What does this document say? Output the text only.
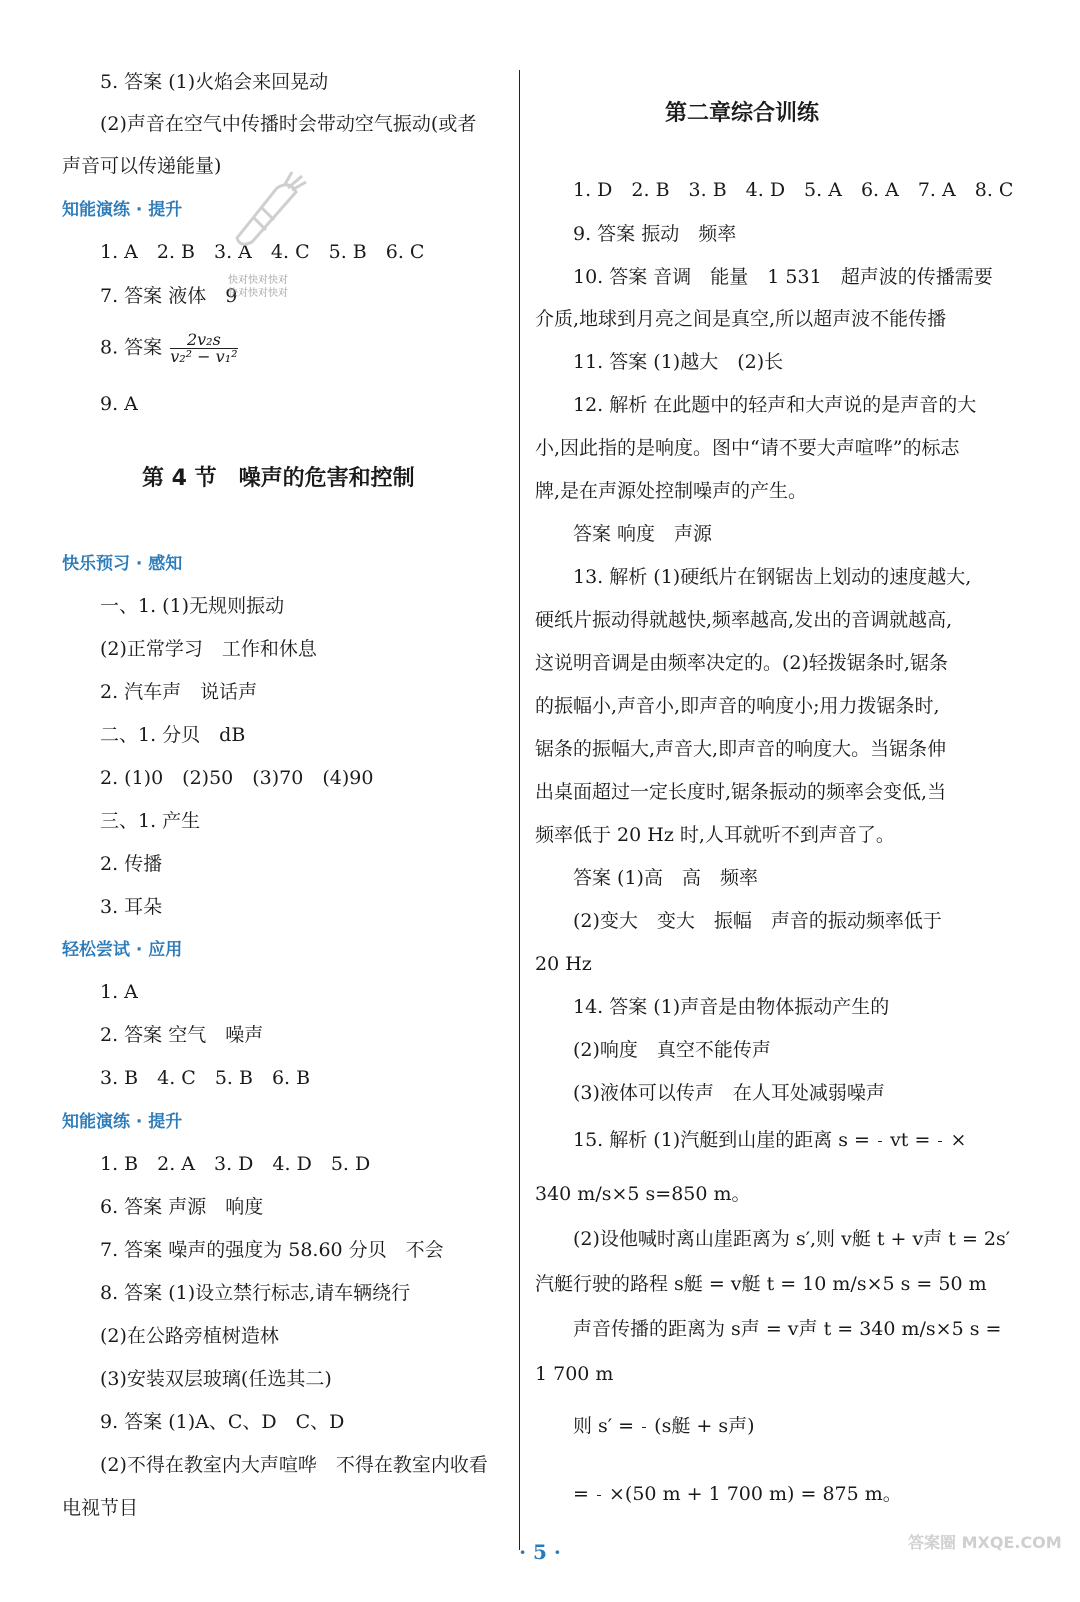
5. 答案 (1)火焰会来回晃动
(2)声音在空气中传播时会带动空气振动(或者
声音可以传递能量)
知能演练 · 提升
1. A　2. B　3. A　4. C　5. B　6. C
7. 答案 液体　9
8. 答案 $\frac{\text{2v₂s}}{\text{v₂² − v₁²}}$
9. A
第 4 节　噪声的危害和控制
快乐预习 · 感知
一、1. (1)无规则振动
(2)正常学习　工作和休息
2. 汽车声　说话声
二、1. 分贝　dB
2. (1)0　(2)50　(3)70　(4)90
三、1. 产生
2. 传播
3. 耳朵
轻松尝试 · 应用
1. A
2. 答案 空气　噪声
3. B　4. C　5. B　6. B
知能演练 · 提升
1. B　2. A　3. D　4. D　5. D
6. 答案 声源　响度
7. 答案 噪声的强度为 58.60 分贝　不会
8. 答案 (1)设立禁行标志,请车辆绕行
(2)在公路旁植树造林
(3)安装双层玻璃(任选其二)
9. 答案 (1)A、C、D　C、D
(2)不得在教室内大声喧哗　不得在教室内收看
电视节目
快对快对快对
快对快对快对
第二章综合训练
1. D　2. B　3. B　4. D　5. A　6. A　7. A　8. C
9. 答案 振动　频率
10. 答案 音调　能量　1 531　超声波的传播需要
介质,地球到月亮之间是真空,所以超声波不能传播
11. 答案 (1)越大　(2)长
12. 解析 在此题中的轻声和大声说的是声音的大
小,因此指的是响度。图中“请不要大声喧哗”的标志
牌,是在声源处控制噪声的产生。
答案 响度　声源
13. 解析 (1)硬纸片在钢锯齿上划动的速度越大,
硬纸片振动得就越快,频率越高,发出的音调就越高,
这说明音调是由频率决定的。(2)轻拨锯条时,锯条
的振幅小,声音小,即声音的响度小;用力拨锯条时,
锯条的振幅大,声音大,即声音的响度大。当锯条伸
出桌面超过一定长度时,锯条振动的频率会变低,当
频率低于 20 Hz 时,人耳就听不到声音了。
答案 (1)高　高　频率
(2)变大　变大　振幅　声音的振动频率低于
20 Hz
14. 答案 (1)声音是由物体振动产生的
(2)响度　真空不能传声
(3)液体可以传声　在人耳处减弱噪声
15. 解析 (1)汽艇到山崖的距离 s = vt = ×
340 m/s×5 s=850 m。
(2)设他喊时离山崖距离为 s′,则 v艇 t + v声 t = 2s′
汽艇行驶的路程 s艇 = v艇 t = 10 m/s×5 s = 50 m
声音传播的距离为 s声 = v声 t = 340 m/s×5 s =
1 700 m
则 s′ = (s艇 + s声)
= ×(50 m + 1 700 m) = 875 m。
· 5 ·	答案圈 MXQE.COM
